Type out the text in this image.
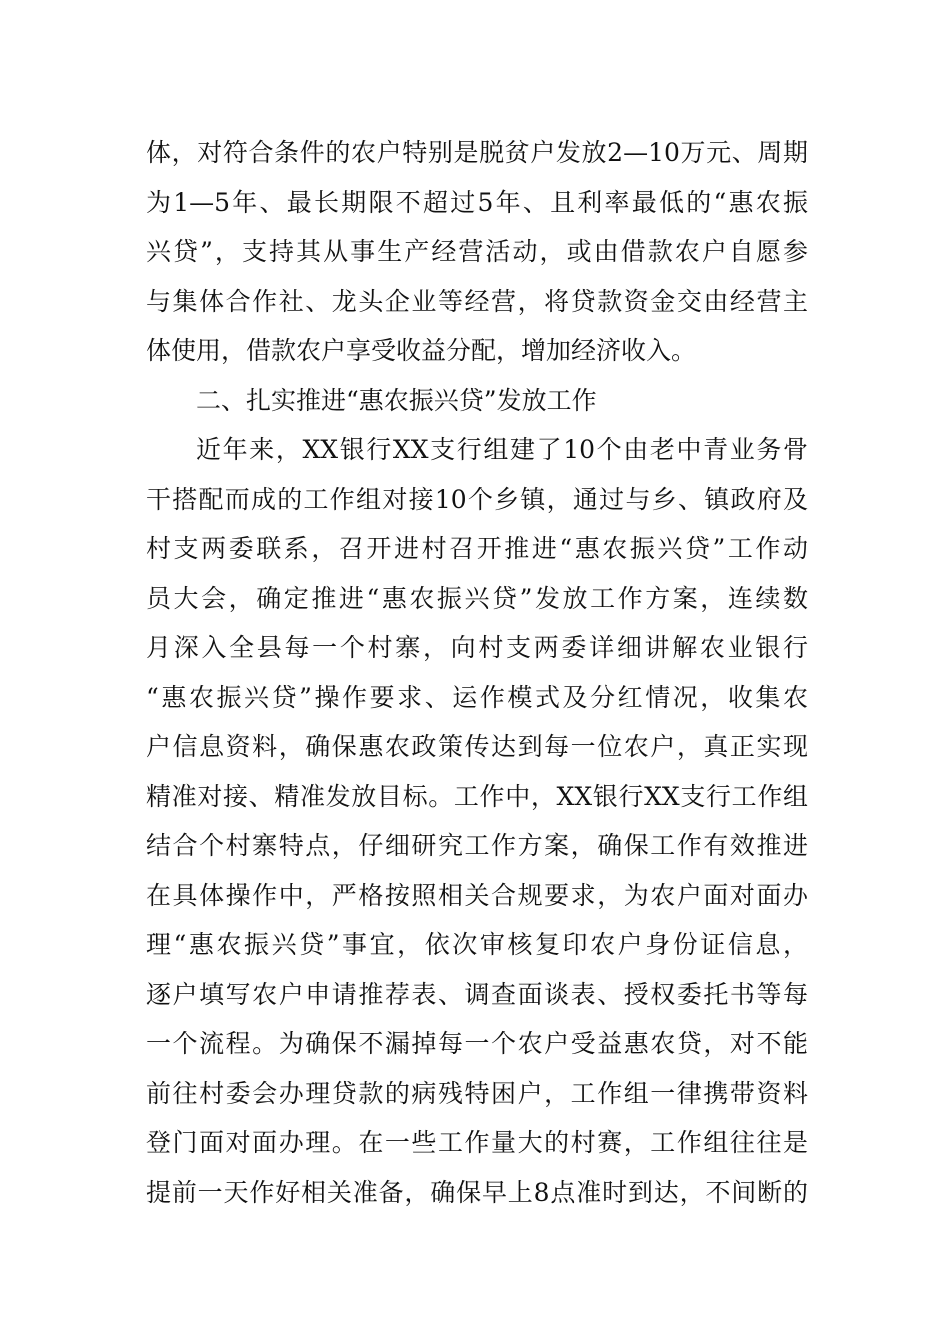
体，对符合条件的农户特别是脱贫户发放2—10万元、周期
为1—5年、最长期限不超过5年、且利率最低的“惠农振
兴贷”，支持其从事生产经营活动，或由借款农户自愿参
与集体合作社、龙头企业等经营，将贷款资金交由经营主
体使用，借款农户享受收益分配，增加经济收入。
二、扎实推进“惠农振兴贷”发放工作
近年来，XX银行XX支行组建了10个由老中青业务骨
干搭配而成的工作组对接10个乡镇，通过与乡、镇政府及
村支两委联系，召开进村召开推进“惠农振兴贷”工作动
员大会，确定推进“惠农振兴贷”发放工作方案，连续数
月深入全县每一个村寨，向村支两委详细讲解农业银行
“惠农振兴贷”操作要求、运作模式及分红情况，收集农
户信息资料，确保惠农政策传达到每一位农户，真正实现
精准对接、精准发放目标。工作中，XX银行XX支行工作组
结合个村寨特点，仔细研究工作方案，确保工作有效推进
在具体操作中，严格按照相关合规要求，为农户面对面办
理“惠农振兴贷”事宜，依次审核复印农户身份证信息，
逐户填写农户申请推荐表、调查面谈表、授权委托书等每
一个流程。为确保不漏掉每一个农户受益惠农贷，对不能
前往村委会办理贷款的病残特困户，工作组一律携带资料
登门面对面办理。在一些工作量大的村赛，工作组往往是
提前一天作好相关准备，确保早上8点准时到达，不间断的
